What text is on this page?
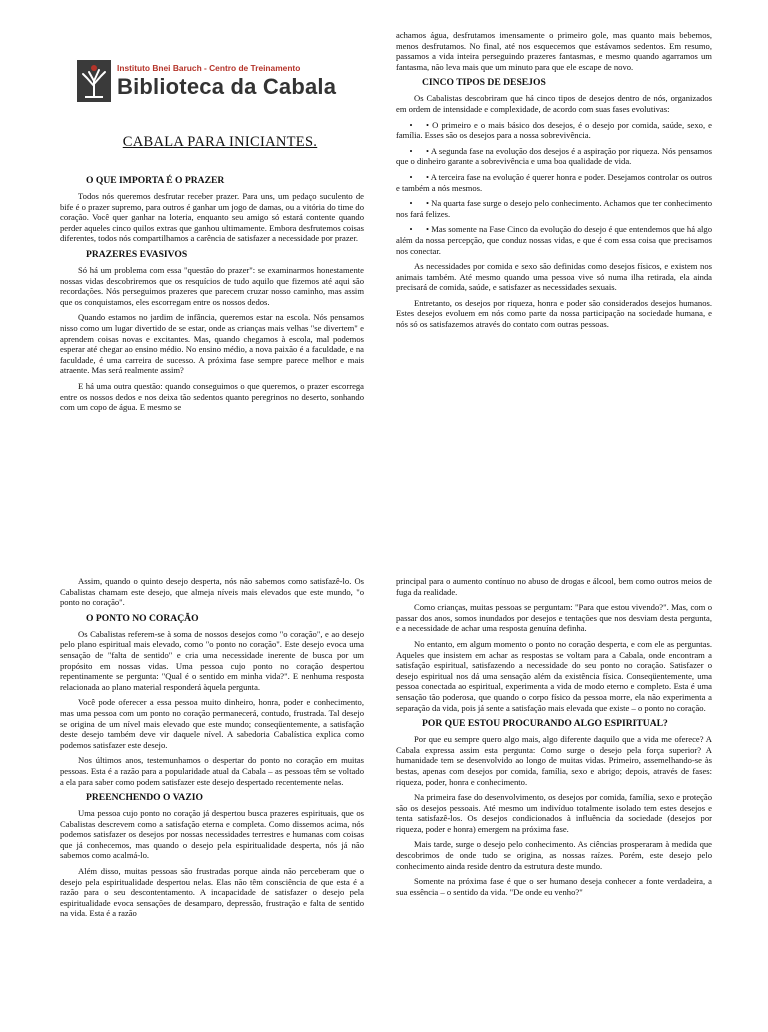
Instituto Bnei Baruch - Centro de Treinamento
Biblioteca da Cabala
CABALA PARA INICIANTES.
O QUE IMPORTA É O PRAZER

Todos nós queremos desfrutar receber prazer. Para uns, um pedaço suculento de bife é o prazer supremo, para outros é ganhar um jogo de damas, ou a vitória do time do coração. Você quer ganhar na loteria, enquanto seu amigo só estará contente quando perder aqueles cinco quilos extras que ganhou ultimamente. Embora desfrutemos coisas diferentes, todos nós compartilhamos a carência de satisfazer a necessidade por prazer.

PRAZERES EVASIVOS

Só há um problema com essa "questão do prazer": se examinarmos honestamente nossas vidas descobriremos que os resquícios de tudo aquilo que fizemos até aqui são recordações. Nós perseguimos prazeres que parecem cruzar nosso caminho, mas assim que os conquistamos, eles escorregam entre os nossos dedos.

Quando estamos no jardim de infância, queremos estar na escola. Nós pensamos nisso como um lugar divertido de se estar, onde as crianças mais velhas "se divertem" e aprendem coisas novas e excitantes. Mas, quando chegamos à escola, mal podemos esperar até chegar ao ensino médio. No ensino médio, a nova paixão é a faculdade, e na faculdade, é uma carreira de sucesso. A próxima fase sempre parece melhor e mais atraente. Mas será realmente assim?

E há uma outra questão: quando conseguimos o que queremos, o prazer escorrega entre os nossos dedos e nos deixa tão sedentos quanto peregrinos no deserto, sonhando com um copo de água. E mesmo se

achamos água, desfrutamos imensamente o primeiro gole, mas quanto mais bebemos, menos desfrutamos. No final, até nos esquecemos que estávamos sedentos. Em resumo, passamos a vida inteira perseguindo prazeres fantasmas, e mesmo quando agarramos um fantasma, não leva mais que um minuto para que ele escape de novo.

CINCO TIPOS DE DESEJOS

Os Cabalistas descobriram que há cinco tipos de desejos dentro de nós, organizados em ordem de intensidade e complexidade, de acordo com suas fases evolutivas:

• • O primeiro e o mais básico dos desejos, é o desejo por comida, saúde, sexo, e família. Esses são os desejos para a nossa sobrevivência.

• • A segunda fase na evolução dos desejos é a aspiração por riqueza. Nós pensamos que o dinheiro garante a sobrevivência e uma boa qualidade de vida.

• • A terceira fase na evolução é querer honra e poder. Desejamos controlar os outros e também a nós mesmos.

• • Na quarta fase surge o desejo pelo conhecimento. Achamos que ter conhecimento nos fará felizes.

• • Mas somente na Fase Cinco da evolução do desejo é que entendemos que há algo além da nossa percepção, que conduz nossas vidas, e que é com essa coisa que precisamos nos conectar.

As necessidades por comida e sexo são definidas como desejos físicos, e existem nos animais também. Até mesmo quando uma pessoa vive só numa ilha retirada, ela ainda precisará de comida, saúde, e satisfazer as necessidades sexuais.

Entretanto, os desejos por riqueza, honra e poder são considerados desejos humanos. Estes desejos evoluem em nós como parte da nossa participação na sociedade humana, e nós só os satisfazemos através do contato com outras pessoas.

Assim, quando o quinto desejo desperta, nós não sabemos como satisfazê-lo. Os Cabalistas chamam este desejo, que almeja níveis mais elevados que este mundo, "o ponto no coração".

O PONTO NO CORAÇÃO

Os Cabalistas referem-se à soma de nossos desejos como "o coração", e ao desejo pelo plano espiritual mais elevado, como "o ponto no coração". Este desejo evoca uma sensação de "falta de sentido" e cria uma necessidade inerente de busca por um propósito em nossas vidas. Uma pessoa cujo ponto no coração despertou repentinamente se pergunta: "Qual é o sentido em minha vida?". E nenhuma resposta relacionada ao plano material responderá àquela pergunta.

Você pode oferecer a essa pessoa muito dinheiro, honra, poder e conhecimento, mas uma pessoa com um ponto no coração permanecerá, contudo, frustrada. Tal desejo se origina de um nível mais elevado que este mundo; conseqüentemente, a satisfação deste desejo também deve vir daquele nível. A sabedoria Cabalística explica como podemos satisfazer este desejo.

Nos últimos anos, testemunhamos o despertar do ponto no coração em muitas pessoas. Esta é a razão para a popularidade atual da Cabala – as pessoas têm se voltado a ela para saber como podem satisfazer este desejo despertado recentemente nelas.

PREENCHENDO O VAZIO

Uma pessoa cujo ponto no coração já despertou busca prazeres espirituais, que os Cabalistas descrevem como a satisfação eterna e completa. Como dissemos acima, nós podemos satisfazer os desejos por nossas necessidades terrestres e humanas com coisas que já conhecemos, mas quando o desejo pela espiritualidade desperta, nós já não sabemos como acalmá-lo.

Além disso, muitas pessoas são frustradas porque ainda não perceberam que o desejo pela espiritualidade despertou nelas. Elas não têm consciência de que esta é a razão para o seu descontentamento. A incapacidade de satisfazer o desejo pela espiritualidade evoca sensações de desamparo, depressão, frustração e falta de sentido na vida. Esta é a razão

principal para o aumento contínuo no abuso de drogas e álcool, bem como outros meios de fuga da realidade.

Como crianças, muitas pessoas se perguntam: "Para que estou vivendo?". Mas, com o passar dos anos, somos inundados por desejos e tentações que nos desviam desta pergunta, e a necessidade de achar uma resposta genuína definha.

No entanto, em algum momento o ponto no coração desperta, e com ele as perguntas. Aqueles que insistem em achar as respostas se voltam para a Cabala, onde encontram a satisfação espiritual, satisfazendo a necessidade do seu ponto no coração. Satisfazer o desejo espiritual nos dá uma sensação além da existência física. Conseqüentemente, uma pessoa conectada ao espiritual, experimenta a vida de modo eterno e completo. Esta é uma sensação tão poderosa, que quando o corpo físico da pessoa morre, ela não experimenta a separação da vida, pois já sente a satisfação mais elevada que existe – o ponto no coração.

POR QUE ESTOU PROCURANDO ALGO ESPIRITUAL?

Por que eu sempre quero algo mais, algo diferente daquilo que a vida me oferece? A Cabala expressa assim esta pergunta: Como surge o desejo pela força superior? A humanidade tem se desenvolvido ao longo de muitas vidas. Primeiro, assemelhando-se às bestas, apenas com desejos por comida, família, sexo e abrigo; depois, através de fases: riqueza, poder, honra e conhecimento.

Na primeira fase do desenvolvimento, os desejos por comida, família, sexo e proteção são os desejos pessoais. Até mesmo um indivíduo totalmente isolado tem estes desejos e tenta satisfazê-los. Os desejos condicionados à influência da sociedade (desejos por riqueza, poder e honra) emergem na próxima fase.

Mais tarde, surge o desejo pelo conhecimento. As ciências prosperaram à medida que descobrimos de onde tudo se origina, as nossas raízes. Porém, este desejo pelo conhecimento ainda reside dentro da estrutura deste mundo.

Somente na próxima fase é que o ser humano deseja conhecer a fonte verdadeira, a sua essência – o sentido da vida. "De onde eu venho?"
